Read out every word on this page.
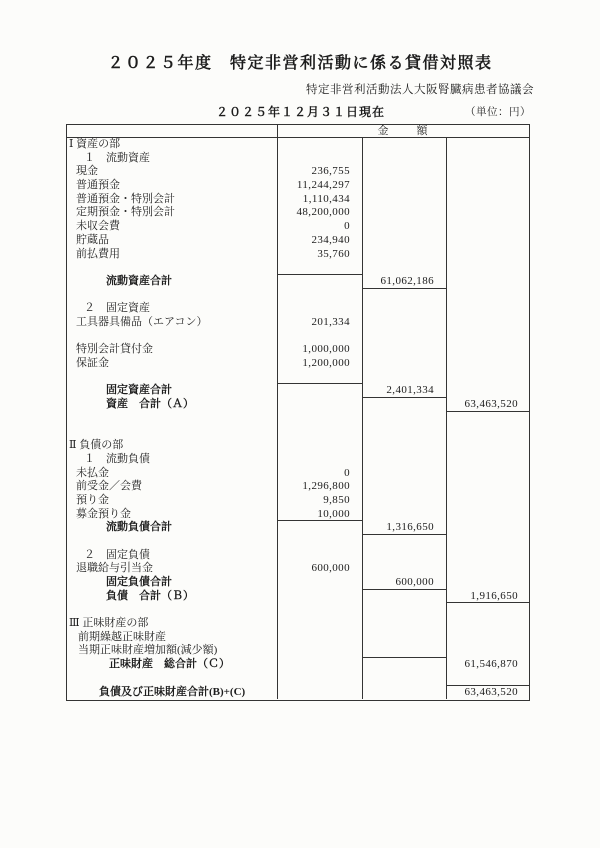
２０２５年度　特定非営利活動に係る貸借対照表
特定非営利活動法人大阪腎臓病患者協議会
２０２５年１２月３１日現在	（単位：円）
金　　額
Ⅰ 資産の部
１　流動資産
現金	236,755
普通預金	11,244,297
普通預金・特別会計	1,110,434
定期預金・特別会計	48,200,000
未収会費	0
貯蔵品	234,940
前払費用	35,760
流動資産合計	61,062,186
２　固定資産
工具器具備品（エアコン）	201,334
特別会計貸付金	1,000,000
保証金	1,200,000
固定資産合計	2,401,334
資産　合計（Ａ）	63,463,520
Ⅱ 負債の部
１　流動負債
未払金	0
前受金／会費	1,296,800
預り金	9,850
募金預り金	10,000
流動負債合計	1,316,650
２　固定負債
退職給与引当金	600,000
固定負債合計	600,000
負債　合計（Ｂ）	1,916,650
Ⅲ 正味財産の部
前期繰越正味財産
当期正味財産増加額(減少額)
正味財産　総合計（Ｃ）	61,546,870
負債及び正味財産合計(B)+(C)	63,463,520
